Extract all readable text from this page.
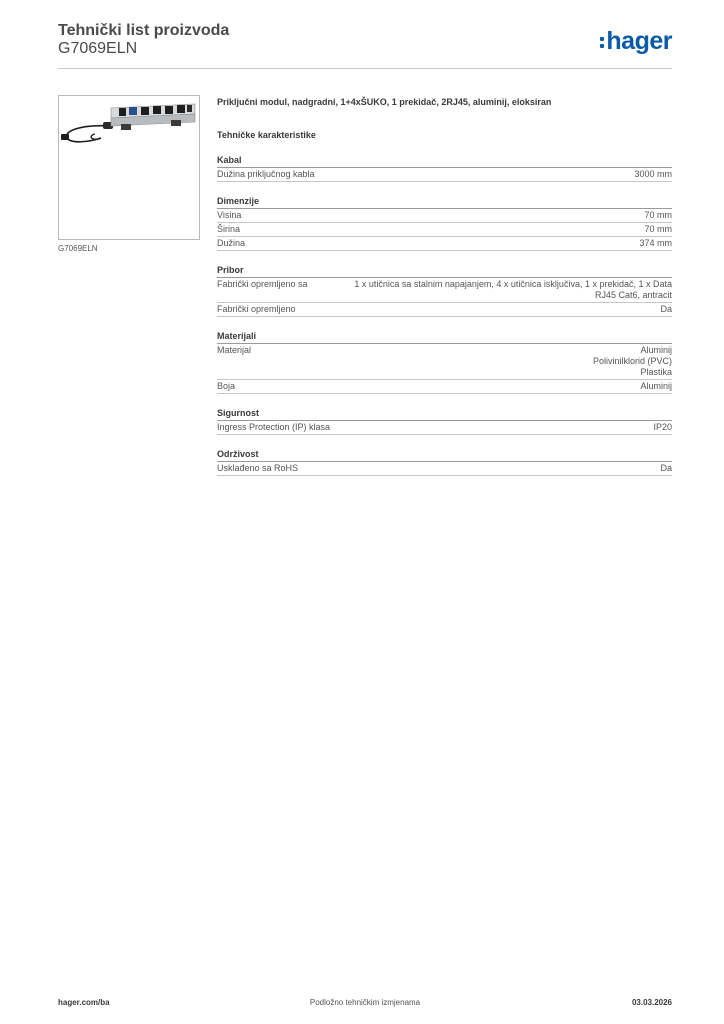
Tehnički list proizvoda
G7069ELN	hager
G7069ELN
Priključni modul, nadgradni, 1+4xŠUKO, 1 prekidač, 2RJ45, aluminij, eloksiran
Tehničke karakteristike
Kabal
Dužina priključnog kabla	3000 mm
Dimenzije
Visina	70 mm
Širina	70 mm
Dužina	374 mm
Pribor
Fabrički opremljeno sa	1 x utičnica sa stalnim napajanjem, 4 x utičnica isključiva, 1 x prekidač, 1 x Data
RJ45 Cat6, antracit
Fabrički opremljeno	Da
Materijali
Materijal	Aluminij
Polivinilklorid (PVC)
Plastika
Boja	Aluminij
Sigurnost
Ingress Protection (IP) klasa	IP20
Održivost
Usklađeno sa RoHS	Da
hager.com/ba	Podložno tehničkim izmjenama	03.03.2026
